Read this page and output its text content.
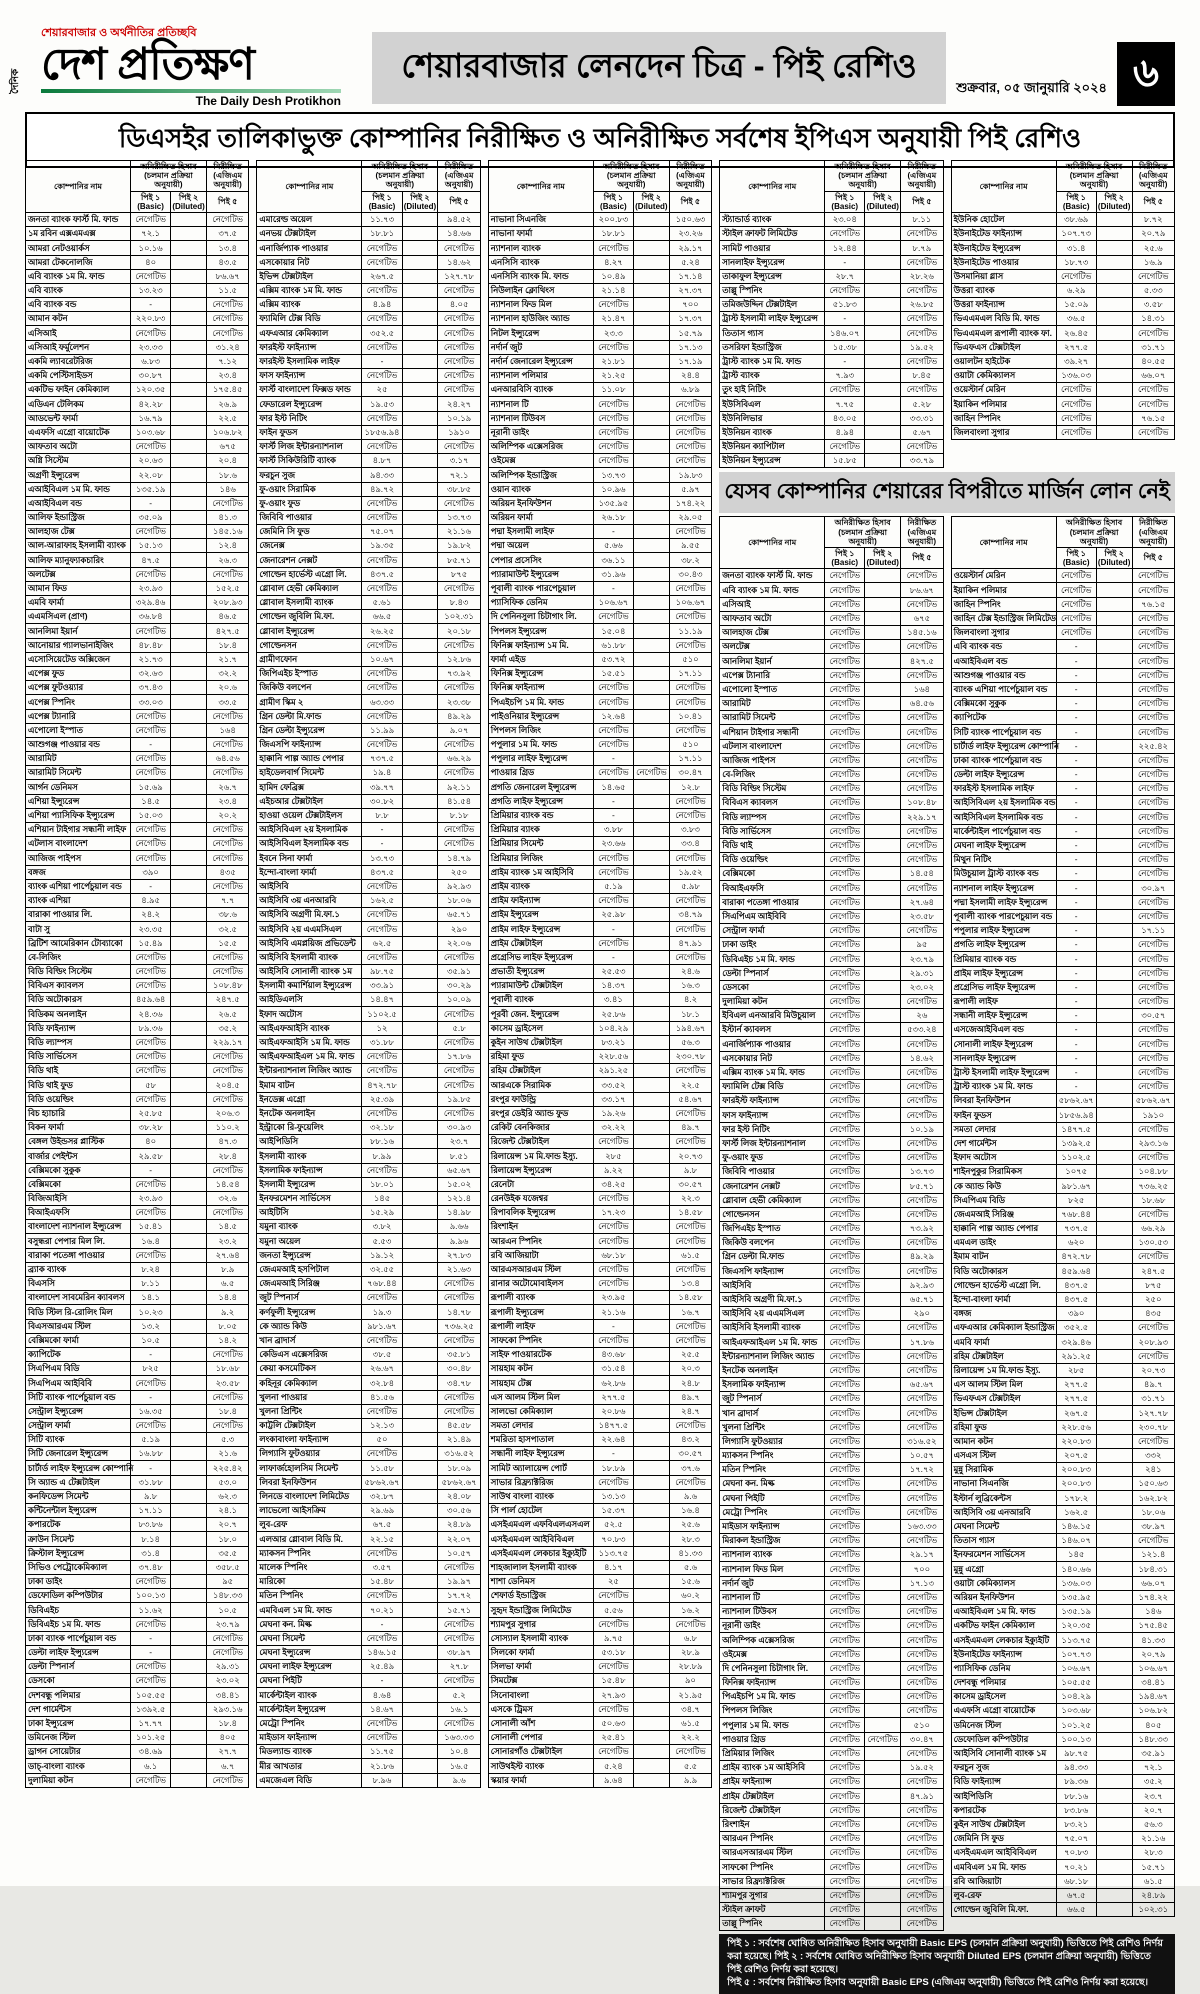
দৈনিক
শেয়ারবাজার ও অর্থনীতির প্রতিচ্ছবি
দেশ প্রতিক্ষণ
The Daily Desh Protikhon
শেয়ারবাজার লেনদেন চিত্র - পিই রেশিও
শুক্রবার, ০৫ জানুয়ারি ২০২৪ ৬
ডিএসইর তালিকাভুক্ত কোম্পানির নিরীক্ষিত ও অনিরীক্ষিত সর্বশেষ ইপিএস অনুযায়ী পিই রেশিও
কোম্পানির নাম	অনিরীক্ষিত হিসাব (চলমান প্রক্রিয়া অনুযায়ী)		নিরীক্ষিত (এজিএম অনুযায়ী)
	পিই ১ (Basic)	পিই ২ (Diluted)	পিই ৫
জনতা ব্যাংক ফার্স্ট মি. ফান্ড	নেগেটিভ		নেগেটিভ
১ম রবিন এক্সএমএক্স	৭২.১		৩৭.৫
আমরা নেটওয়ার্কস	১০.১৬		১৩.৪
আমরা টেকনোলজি	৪০		৪৩.৫
এবি ব্যাংক ১ম মি. ফান্ড	নেগেটিভ		৮৬.৬৭
এবি ব্যাংক	১৩.২৩		১১.৫
এবি ব্যাংক বন্ড	-		নেগেটিভ
আমান কটন	২২০.৮৩		নেগেটিভ
এসিআই	নেগেটিভ		নেগেটিভ
এসিআই ফর্মুলেশন	২৩.৩৩		৩১.২৪
একমি ল্যাবরেটরিজ	৬.৮৩		৭.১২
একমি পেস্টিসাইডস	৩০.৮৭		২৩.৪
একটিভ ফাইন কেমিক্যাল	১২০.৩৫		১৭৫.৪৫
এডিএন টেলিকম	৪২.২৮		২৬.৯
আডভেন্ট ফার্মা	১৬.৭৯		২২.৫
এএফসি এগ্রো বায়োটেক	১০৩.৬৮		১০৬.৮২
আফতাব অটো	নেগেটিভ		৬৭৫
অগ্নি সিস্টেম	২০.৬৩		২০.৪
অগ্রণী ইন্স্যুরেন্স	২২.০৮		১৮.৬
এআইবিএল ১ম মি. ফান্ড	১৩৫.১৯		১৪৬
এআইবিএল বন্ড	-		নেগেটিভ
আলিফ ইন্ডাস্ট্রিজ	৩৫.০৯		৪১.৩
আলহাজ টেক্স	নেগেটিভ		১৪৫.১৬
আল-আরাফাহ ইসলামী ব্যাংক	১৫.১৩		১২.৪
আলিফ ম্যানুফ্যাকচারিং	৪৭.৫		২৬.৩
অলটেক্স	নেগেটিভ		নেগেটিভ
আমান ফিড	২৩.৯৩		১৫২.৫
এমবি ফার্মা	৩২৯.৪৬		২০৮.৯৩
এএমসিএল (প্রাণ)	৩৬.৮৪		৪৬.৫
আনলিমা ইয়ার্ন	নেগেটিভ		৪২৭.৫
আনোয়ার গ্যালভানাইজিং	৪৮.৪৮		১৮.৪
এসোসিয়েটেড অক্সিজেন	২১.৭৩		২১.৭
এপেক্স ফুড	৩২.৬৩		৩২.২
এপেক্স ফুটওয়্যার	৩৭.৪৩		২০.৬
এপেক্স স্পিনিং	৩৩.০৩		৩৩.৫
এপেক্স ট্যানারি	নেগেটিভ		নেগেটিভ
এপোলো ইস্পাত	নেগেটিভ		১৬৪
আশুগঞ্জ পাওয়ার বন্ড	-		নেগেটিভ
আরামিট	নেগেটিভ		৬৪.৫৬
আরামিট সিমেন্ট	নেগেটিভ		নেগেটিভ
আর্গন ডেনিমস	১৫.৬৯		২৬.৭
এশিয়া ইন্স্যুরেন্স	১৪.৫		২৩.৪
এশিয়া প্যাসিফিক ইন্স্যুরেন্স	১৫.০৩		২০.২
এশিয়ান টাইগার সন্ধানী লাইফ	নেগেটিভ		নেগেটিভ
এটলাস বাংলাদেশ	নেগেটিভ		নেগেটিভ
আজিজ পাইপস	নেগেটিভ		নেগেটিভ
বঙ্গজ	৩৯০		৪৩৫
ব্যাংক এশিয়া পার্পেচুয়াল বন্ড	-		নেগেটিভ
ব্যাংক এশিয়া	৪.৯৫		৭.৭
বারাকা পাওয়ার লি.	২৪.২		৩৮.৬
বাটা সু	২৩.৩৫		৩২.৫
ব্রিটিশ আমেরিকান টোব্যাকো	১৫.৪৯		১৫.৫
বে-লিজিং	নেগেটিভ		নেগেটিভ
বিডি বিল্ডিং সিস্টেম	নেগেটিভ		নেগেটিভ
বিবিএস ক্যাবলস	নেগেটিভ		১০৮.৪৮
বিডি অটোকারস	৪৫৯.৬৪		২৪৭.৫
বিডিকম অনলাইন	২৪.৩৬		২৬.৫
বিডি ফাইন্যান্স	৮৯.৩৬		৩৫.২
বিডি ল্যাম্পস	নেগেটিভ		২২৯.১৭
বিডি সার্ভিসেস	নেগেটিভ		নেগেটিভ
বিডি থাই	নেগেটিভ		নেগেটিভ
বিডি থাই ফুড	৫৮		২০৪.৫
বিডি ওয়েল্ডিং	নেগেটিভ		নেগেটিভ
বিচ হ্যাচারি	২৫.৮৫		২০৬.৩
বিকন ফার্মা	৩৮.২৮		১১০.২
বেঙ্গল উইন্ডসর প্লাস্টিক	৪০		৪৭.৩
বার্জার পেইন্টস	২৯.৫৮		২৮.৪
বেক্সিমকো সুকুক	-		নেগেটিভ
বেক্সিমকো	নেগেটিভ		১৪.৫৪
বিজিআইসি	২৩.৯৩		৩২.৬
বিআইএফসি	নেগেটিভ		নেগেটিভ
বাংলাদেশ ন্যাশনাল ইন্স্যুরেন্স	১৫.৪১		১৪.৫
বসুন্ধরা পেপার মিল লি.	১৬.৪		২৩.২
বারাকা পতেঙ্গা পাওয়ার	নেগেটিভ		২৭.৬৪
ব্র্যাক ব্যাংক	৮.২৪		৮.৯
বিএসসি	৮.১১		৬.৫
বাংলাদেশ সাবমেরিন ক্যাবলস	১৪.১		১৪.৪
বিডি স্টিল রি-রোলিং মিল	১০.২৩		৯.২
বিএসআরএম স্টিল	১৩.২		৮.০৫
বেক্সিমকো ফার্মা	১০.৫		১৪.২
ক্যাপিটেক	-		নেগেটিভ
সিএপিএম বিডি	৮২৫		১৮.৬৮
সিএপিএম আইবিবি	নেগেটিভ		২৩.৫৮
সিটি ব্যাংক পার্পেচুয়াল বন্ড	-		নেগেটিভ
সেন্ট্রাল ইন্স্যুরেন্স	১৬.৩৫		১৮.৪
সেন্ট্রাল ফার্মা	নেগেটিভ		নেগেটিভ
সিটি ব্যাংক	৫.১৯		৫.৩
সিটি জেনারেল ইন্স্যুরেন্স	১৬.৮৮		২১.৬
চার্টার্ড লাইফ ইন্স্যুরেন্স কোম্পানি	-		২২৫.৪২
সি অ্যান্ড এ টেক্সটাইল	৩১.৮৮		৫৩.০
কনফিডেন্স সিমেন্ট	৯.৮		৬২.৩
কন্টিনেন্টাল ইন্স্যুরেন্স	১৭.১১		২৪.১
কপারটেক	৮৩.৮৬		২০.৭
ক্রাউন সিমেন্ট	৮.১৪		১৮.০
ক্রিস্টাল ইন্স্যুরেন্স	৩১.৪		৩৫.৫
সিভিও পেট্রোকেমিক্যাল	৩৭.৪৮		৩৫৮.৫
ঢাকা ডাইং	নেগেটিভ		৯৫
ডেফোডিল কম্পিউটার	১০০.১৩		১৪৮.৩৩
ডিবিএইচ	১১.৬২		১০.৫
ডিবিএইচ ১ম মি. ফান্ড	নেগেটিভ		২৩.৭৯
ঢাকা ব্যাংক পার্পেচুয়াল বন্ড	-		নেগেটিভ
ডেল্টা লাইফ ইন্স্যুরেন্স	-		নেগেটিভ
ডেল্টা স্পিনার্স	নেগেটিভ		২৯.৩১
ডেসকো	নেগেটিভ		২৩.০২
দেশবন্ধু পলিমার	১০৫.৫৫		৩৪.৪১
দেশ গার্মেন্টস	১৩৯২.৫		২৯৩.১৬
ঢাকা ইন্স্যুরেন্স	১৭.৭৭		১৮.৪
ডমিনেজ স্টিল	১০১.২৫		৪০৫
ড্রাগন সোয়েটার	৩৪.৬৯		২৭.৭
ডাচ্-বাংলা ব্যাংক	৬.১		৬.৭
দুলামিয়া কটন	নেগেটিভ		নেগেটিভ
কোম্পানির নাম	অনিরীক্ষিত হিসাব (চলমান প্রক্রিয়া অনুযায়ী)		নিরীক্ষিত (এজিএম অনুযায়ী)
	পিই ১ (Basic)	পিই ২ (Diluted)	পিই ৫
এমারেল্ড অয়েল	১১.৭৩		৯৪.৫২
এনভয় টেক্সটাইল	১৮.৮১		১৪.৬৬
এনার্জিপ্যাক পাওয়ার	নেগেটিভ		নেগেটিভ
এসকোয়ার নিট	নেগেটিভ		১৪.৬২
ইভিন্স টেক্সটাইল	২৬৭.৫		১২৭.৭৮
এক্সিম ব্যাংক ১ম মি. ফান্ড	নেগেটিভ		নেগেটিভ
এক্সিম ব্যাংক	৪.৯৪		৪.০৫
ফ্যামিলি টেক্স বিডি	নেগেটিভ		নেগেটিভ
এফএআর কেমিক্যাল	৩৫২.৫		নেগেটিভ
ফারইস্ট ফাইন্যান্স	নেগেটিভ		নেগেটিভ
ফারইস্ট ইসলামিক লাইফ	-		নেগেটিভ
ফাস ফাইন্যান্স	নেগেটিভ		নেগেটিভ
ফার্স্ট বাংলাদেশ ফিক্সড ফান্ড	২৫		নেগেটিভ
ফেডারেল ইন্স্যুরেন্স	১৯.৫৩		২৪.২৭
ফার ইস্ট নিটিং	নেগেটিভ		১০.১৯
ফাইন ফুডস	১৮৫৬.৯৪		১৯১০
ফার্স্ট লিজ ইন্টারন্যাশনাল	নেগেটিভ		নেগেটিভ
ফার্স্ট সিকিউরিটি ব্যাংক	৪.৮৭		৩.১৭
ফরচুন সুজ	৯৪.৩৩		৭২.১
ফু-ওয়াং সিরামিক	৪৯.৭২		৩৮.৮৫
ফু-ওয়াং ফুড	নেগেটিভ		নেগেটিভ
জিবিবি পাওয়ার	নেগেটিভ		১৩.৭৩
জেমিনি সি ফুড	৭৫.০৭		২১.১৬
জেনেক্স	১৯.৩৫		১৯.৮২
জেনারেশন নেক্সট	নেগেটিভ		৮৫.৭১
গোল্ডেন হার্ভেস্ট এগ্রো লি.	৪৩৭.৫		৮৭৫
গ্লোবাল হেভী কেমিক্যাল	নেগেটিভ		নেগেটিভ
গ্লোবাল ইসলামী ব্যাংক	৫.৬১		৮.৪৩
গোল্ডেন জুবিলি মি.ফা.	৬৬.৫		১০২.৩১
গ্লোবাল ইন্স্যুরেন্স	২৬.২৫		২০.১৮
গোল্ডেনসন	নেগেটিভ		নেগেটিভ
গ্রামীণফোন	১০.৬৭		১২.৮৬
জিপিএইচ ইস্পাত	নেগেটিভ		৭৩.৯২
জিকিউ বলপেন	নেগেটিভ		নেগেটিভ
গ্রামীণ স্কিম ২	৬৩.৩৩		২৩.৩৮
গ্রিন ডেল্টা মি.ফান্ড	নেগেটিভ		৪৯.২৯
গ্রিন ডেল্টা ইন্স্যুরেন্স	১১.৯৯		৯.০৭
জিএসপি ফাইন্যান্স	নেগেটিভ		নেগেটিভ
হাক্কানি পাল্প অ্যান্ড পেপার	৭৩৭.৫		৬৬.২৯
হাইডেলবার্গ সিমেন্ট	১৯.৪		নেগেটিভ
হামিদ ফেব্রিক্স	৩৯.৭৭		৯২.১১
এইচআর টেক্সটাইল	৩০.৮২		৪১.৫৪
হাওয়া ওয়েল টেক্সটাইলস	৮.৮		৮.১৮
আইসিবিএল ২য় ইসলামিক	-		নেগেটিভ
আইসিবিএল ইসলামিক বন্ড	-		নেগেটিভ
ইবনে সিনা ফার্মা	১৩.৭৩		১৪.৭৯
ইন্দো-বাংলা ফার্মা	৪৩৭.৫		২৫০
আইসিবি	নেগেটিভ		৯২.৯৩
আইসিবি ৩য় এনআরবি	১৬২.৫		১৮.০৬
আইসিবি অগ্রণী মি.ফা.১	নেগেটিভ		৬৫.৭১
আইসিবি ২য় এএমসিএল	নেগেটিভ		২৯০
আইসিবি এমপ্লয়িজ প্রভিডেন্ট	৬২.৫		২২.০৬
আইসিবি ইসলামী ব্যাংক	নেগেটিভ		নেগেটিভ
আইসিবি সোনালী ব্যাংক ১ম	৯৮.৭৫		৩৫.৯১
ইসলামী কমার্শিয়াল ইন্স্যুরেন্স	৩৩.৯১		৩০.২৯
আইডিএলসি	১৪.৪৭		১০.০৯
ইফাদ অটোস	১১০২.৫		নেগেটিভ
আইএফআইসি ব্যাংক	১২		৫.৮
আইএফআইসি ১ম মি. ফান্ড	৩১.৮৮		নেগেটিভ
আইএফআইএল ১ম মি. ফান্ড	নেগেটিভ		১৭.৮৬
ইন্টারন্যাশনাল লিজিং অ্যান্ড	নেগেটিভ		নেগেটিভ
ইমাম বাটন	৪৭২.৭৮		নেগেটিভ
ইনডেক্স এগ্রো	২৫.৩৯		১৯.৮৫
ইনটেক অনলাইন	নেগেটিভ		নেগেটিভ
ইন্ট্রাকো রি-ফুয়েলিং	৩২.১৮		৩০.৯৩
আইপিডিসি	৮৮.১৬		২৩.৭
ইসলামী ব্যাংক	৮.৯৯		৮.৫১
ইসলামিক ফাইন্যান্স	নেগেটিভ		৬৫.৬৭
ইসলামী ইন্স্যুরেন্স	১৮.০১		১৫.০২
ইনফরমেশন সার্ভিসেস	১৪৫		১২১.৪
আইটিসি	১৫.২৯		১৪.৯৮
যমুনা ব্যাংক	৩.৮২		৯.৬৬
যমুনা অয়েল	৫.৫৩		৯.৯৬
জনতা ইন্স্যুরেন্স	১৯.১২		২৭.৮৩
জেএমআই হসপিটাল	৩২.৫৫		২১.৬৩
জেএমআই সিরিঞ্জ	৭৬৮.৪৪		নেগেটিভ
জুট স্পিনার্স	নেগেটিভ		নেগেটিভ
কর্ণফুলী ইন্স্যুরেন্স	১৯.৩		১৪.৭৮
কে অ্যান্ড কিউ	৯৮১.৬৭		৭৩৬.২৫
খান ব্রাদার্স	নেগেটিভ		নেগেটিভ
কেডিএস এক্সেসরিজ	৩৮.৫		৩৫.৮১
কেয়া কসমেটিকস	২৬.৬৭		৩০.৪৮
কহিনূর কেমিক্যাল	৩২.৮৪		৩৪.৭৮
খুলনা পাওয়ার	৪১.৫৬		নেগেটিভ
খুলনা প্রিন্টিং	নেগেটিভ		নেগেটিভ
কাট্টলি টেক্সটাইল	১২.১৩		৪৫.৫৮
লংকাবাংলা ফাইন্যান্স	৫০		২১.৪৯
লিগ্যাসি ফুটওয়্যার	নেগেটিভ		৩১৬.৫২
লাফার্জহোলসিম সিমেন্ট	১১.৫৮		১৮.০৯
লিবরা ইনফিউশন	৫৮৬২.৬৭		৫৮৬২.৬৭
লিনডে বাংলাদেশ লিমিটেড	৩২.৮৭		২৪.০৮
লাভেলো আইসক্রিম	২৯.৬৯		৩০.৫৬
লুব-রেফ	৬৭.৫		২৪.৮৯
এলআর গ্লোবাল বিডি মি.	২২.১৫		২২.০৭
ম্যাকসন স্পিনিং	নেগেটিভ		১০.৫৭
মালেক স্পিনিং	৩.৫৭		নেগেটিভ
মারিকো	১৫.৪৮		১৯.৯৭
মতিন স্পিনিং	নেগেটিভ		১৭.৭২
এমবিএল ১ম মি. ফান্ড	৭০.২১		১৫.৭১
মেঘনা কন. মিল্ক	-		নেগেটিভ
মেঘনা সিমেন্ট	নেগেটিভ		নেগেটিভ
মেঘনা ইন্স্যুরেন্স	১৪৬.১৫		৩৮.৯৭
মেঘনা লাইফ ইন্স্যুরেন্স	২৫.৪৯		২৭.৮
মেঘনা পিইটি	-		নেগেটিভ
মার্কেন্টাইল ব্যাংক	৪.৬৪		৫.২
মার্কেন্টাইল ইন্স্যুরেন্স	১৪.৬৭		১৬.১
মেট্রো স্পিনিং	নেগেটিভ		নেগেটিভ
মাইডাস ফাইন্যান্স	নেগেটিভ		১৬৩.৩৩
মিডল্যান্ড ব্যাংক	১১.৭৫		১০.৪
মীর আখতার	২১.৮৬		১৬.৫
এমজেএল বিডি	৮.৯৬		৯.৬
কোম্পানির নাম	অনিরীক্ষিত হিসাব (চলমান প্রক্রিয়া অনুযায়ী)		নিরীক্ষিত (এজিএম অনুযায়ী)
	পিই ১ (Basic)	পিই ২ (Diluted)	পিই ৫
নাভানা সিএনজি	২০০.৮৩		১৫০.৬৩
নাভানা ফার্মা	১৮.৮১		২৩.২৬
ন্যাশনাল ব্যাংক	নেগেটিভ		২৯.১৭
এনসিসি ব্যাংক	৪.২৭		৫.২৪
এনসিসি ব্যাংক মি. ফান্ড	১০.৪৯		১৭.১৪
নিউলাইন ক্লোথিংস	২১.১৪		২৭.৩৭
ন্যাশনাল ফিড মিল	নেগেটিভ		৭০০
ন্যাশনাল হাউজিং অ্যান্ড	২১.৪৭		১৭.৩৭
নিটল ইন্স্যুরেন্স	২৩.৩		১৫.৭৯
নর্দার্ন জুট	নেগেটিভ		১৭.১৩
নর্দার্ন জেনারেল ইন্স্যুরেন্স	২১.৮১		১৭.১৯
ন্যাশনাল পলিমার	২১.২৫		২৪.৪
এনআরবিসি ব্যাংক	১১.০৮		৬.৮৯
ন্যাশনাল টি	নেগেটিভ		নেগেটিভ
ন্যাশনাল টিউবস	নেগেটিভ		নেগেটিভ
নূরানী ডাইং	নেগেটিভ		নেগেটিভ
অলিম্পিক এক্সেসরিজ	নেগেটিভ		নেগেটিভ
ওইমেক্স	নেগেটিভ		নেগেটিভ
অলিম্পিক ইন্ডাস্ট্রিজ	১৩.৭৩		১৯.৮৩
ওয়ান ব্যাংক	১০.৯৬		৫.৯৭
অরিয়ন ইনফিউশন	১৩৫.৯৫		১৭৪.২২
অরিয়ন ফার্মা	২৬.১৮		২৯.০৫
পদ্মা ইসলামী লাইফ	-		নেগেটিভ
পদ্মা অয়েল	৫.৬৬		৯.৫৫
পেপার প্রসেসিং	৩৬.১১		৩৮.২
প্যারামাউন্ট ইন্স্যুরেন্স	৩১.৯৬		৩০.৪৩
পূবালী ব্যাংক পারপেচুয়াল	-		নেগেটিভ
প্যাসিফিক ডেনিম	১০৬.৬৭		১০৬.৬৭
দি পেনিনসুলা চিটাগাং লি.	নেগেটিভ		নেগেটিভ
পিপলস ইন্স্যুরেন্স	১৫.০৪		১১.১৯
ফিনিক্স ফাইন্যান্স ১ম মি.	৬১.৮৮		নেগেটিভ
ফার্মা এইড	৫৩.৭২		৫১০
ফিনিক্স ইন্স্যুরেন্স	১৫.৫১		১৭.১১
ফিনিক্স ফাইন্যান্স	নেগেটিভ		নেগেটিভ
পিএইচপি ১ম মি. ফান্ড	নেগেটিভ		নেগেটিভ
পাইওনিয়ার ইন্স্যুরেন্স	১২.৬৪		১০.৪১
পিপলস লিজিং	নেগেটিভ		নেগেটিভ
পপুলার ১ম মি. ফান্ড	নেগেটিভ		৫১০
পপুলার লাইফ ইন্স্যুরেন্স	-		১৭.১১
পাওয়ার গ্রিড	নেগেটিভ	নেগেটিভ	৩০.৪৭
প্রগতি জেনারেল ইন্স্যুরেন্স	১৪.৬৫		১২.৮
প্রগতি লাইফ ইন্স্যুরেন্স	-		নেগেটিভ
প্রিমিয়ার ব্যাংক বন্ড	-		নেগেটিভ
প্রিমিয়ার ব্যাংক	৩.৮৮		৩.৮৩
প্রিমিয়ার সিমেন্ট	২৩.৬৬		৩৩.৪
প্রিমিয়ার লিজিং	নেগেটিভ		নেগেটিভ
প্রাইম ব্যাংক ১ম আইসিবি	নেগেটিভ		১৯.৫২
প্রাইম ব্যাংক	৫.১৯		৫.৯৮
প্রাইম ফাইন্যান্স	নেগেটিভ		নেগেটিভ
প্রাইম ইন্স্যুরেন্স	২৫.৯৮		৩৪.৭৯
প্রাইম লাইফ ইন্স্যুরেন্স	-		নেগেটিভ
প্রাইম টেক্সটাইল	নেগেটিভ		৪৭.৯১
প্রগ্রেসিভ লাইফ ইন্স্যুরেন্স	-		নেগেটিভ
প্রভাতী ইন্স্যুরেন্স	২৫.৫৩		২৪.৬
প্যারামাউন্ট টেক্সটাইল	১৪.৩৭		১৬.৩
পূবালী ব্যাংক	৩.৪১		৪.২
পূরবী জেন. ইন্স্যুরেন্স	২৫.৮৬		১৮.১
কাসেম ড্রাইসেল	১০৪.২৯		১৯৪.৬৭
কুইন সাউথ টেক্সটাইল	৮৩.২১		৫৬.৩
রহিমা ফুড	২২৮.৫৬		২৩০.৭৮
রহিম টেক্সটাইল	২৯১.২৫		নেগেটিভ
আরএকে সিরামিক	৩৩.৫২		২২.৫
রংপুর ফাউন্ড্রি	৩৩.১৭		৫৪.৬৭
রংপুর ডেইরি অ্যান্ড ফুড	১৯.২৬		নেগেটিভ
রেকিট বেনকিজার	৩২.২২		৪৯.৭
রিজেন্ট টেক্সটাইল	নেগেটিভ		নেগেটিভ
রিলায়েন্স ১ম মি.ফান্ড ইস্যু.	২৮৫		২০.৭৩
রিলায়েন্স ইন্স্যুরেন্স	৯.২২		৯.৮
রেনেটা	৩৪.২৫		৩০.৫৭
রেনউইক যজেশ্বর	নেগেটিভ		২২.৩
রিপাবলিক ইন্স্যুরেন্স	১৭.২৩		১৪.৫৮
রিংশাইন	নেগেটিভ		নেগেটিভ
আরএন স্পিনিং	নেগেটিভ		নেগেটিভ
রবি আজিয়াটা	৬৮.১৮		৬১.৫
আরএসআরএম স্টিল	নেগেটিভ		নেগেটিভ
রানার অটোমোবাইলস	নেগেটিভ		১৩.৪
রূপালী ব্যাংক	২৩.৯৫		১৪.৫৮
রূপালী ইন্স্যুরেন্স	২১.১৬		১৬.৭
রূপালী লাইফ	-		নেগেটিভ
সাফকো স্পিনিং	নেগেটিভ		নেগেটিভ
সাইফ পাওয়ারটেক	৪৩.৬৮		২৫.৫
সায়হাম কটন	৩১.৫৪		২০.৩
সায়হাম টেক্স	৬২.৮৬		২৪.৮
এস আলম স্টিল মিল	২৭৭.৫		৪৯.৭
সালভো কেমিক্যাল	২০.৮৬		২৪.৭
সমতা লেদার	১৪৭৭.৫		নেগেটিভ
শমরিতা হাসপাতাল	২২.৬৪		৪৩.২
সন্ধানী লাইফ ইন্স্যুরেন্স	-		৩০.৫৭
সামিট অ্যালায়েন্স পোর্ট	১৮.৮৯		৩৭.৬
সাভার রিফ্র্যাক্টরিজ	নেগেটিভ		নেগেটিভ
সাউথ বাংলা ব্যাংক	১৩.১৩		৯.৬
সি পার্ল হোটেল	১৫.৩৭		১৬.৪
এসইএমএল এফবিএলএসএল	৫২.৫		২৫.৬
এসইএমএল আইবিবিএল	৭০.৮৩		২৮.৩
এসইএমএল লেকচার ইক্যুইটি	১১৩.৭৫		৪১.৩৩
শাহজালাল ইসলামী ব্যাংক	৪.১৭		৫.৬
শাশা ডেনিমস	২৫		১৫.৬
শেফার্ড ইন্ডাস্ট্রিজ	নেগেটিভ		৬০.২
সুহৃদ ইন্ডাস্ট্রিজ লিমিটেড	৫.৫৬		১৬.২
শ্যামপুর সুগার	নেগেটিভ		নেগেটিভ
সোস্যাল ইসলামী ব্যাংক	৯.৭৫		৬.৮
সিলকো ফার্মা	৫৩.১৮		২৮.৯
সিলভা ফার্মা	নেগেটিভ		২৮.৮৯
সিমটেক্স	১৫.৪৮		৯০
সিনোবাংলা	২৭.৯৩		২১.৯৫
এসকে ট্রিমস	নেগেটিভ		৩৪.৭
সোনালী আঁশ	৫০.৬৩		৬১.৫
সোনালী পেপার	২৫.৪১		২২.২
সোনারগাঁও টেক্সটাইল	নেগেটিভ		নেগেটিভ
সাউথইস্ট ব্যাংক	৫.২৪		৫.৫
স্কয়ার ফার্মা	৯.৬৪		৯.৯
কোম্পানির নাম	অনিরীক্ষিত হিসাব (চলমান প্রক্রিয়া অনুযায়ী)		নিরীক্ষিত (এজিএম অনুযায়ী)
	পিই ১ (Basic)	পিই ২ (Diluted)	পিই ৫
স্ট্যান্ডার্ড ব্যাংক	২৩.০৪		৮.১১
স্টাইল ক্রাফট লিমিটেড	নেগেটিভ		নেগেটিভ
সামিট পাওয়ার	১২.৪৪		৮.৭৯
সানলাইফ ইন্স্যুরেন্স	-		নেগেটিভ
তাকাফুল ইন্স্যুরেন্স	২৮.৭		২৮.২৬
তাল্লু স্পিনিং	নেগেটিভ		নেগেটিভ
তমিজউদ্দিন টেক্সটাইল	৫১.৮৩		২৬.৮৫
ট্রাস্ট ইসলামী লাইফ ইন্স্যুরেন্স	-		নেগেটিভ
তিতাস গ্যাস	১৪৬.০৭		নেগেটিভ
তসরিফা ইন্ডাস্ট্রিজ	১৫.৩৮		১৯.৫২
ট্রাস্ট ব্যাংক ১ম মি. ফান্ড	-		নেগেটিভ
ট্রাস্ট ব্যাংক	৭.৯৩		৮.৪৫
তুং হাই নিটিং	নেগেটিভ		নেগেটিভ
ইউসিবিএল	৭.৭৫		৫.২৮
ইউনিলিভার	৪৩.০৫		৩৩.৩১
ইউনিয়ন ব্যাংক	৪.৯৪		৫.৬৭
ইউনিয়ন ক্যাপিটাল	নেগেটিভ		নেগেটিভ
ইউনিয়ন ইন্স্যুরেন্স	১৫.৮৫		৩৩.৭৯
কোম্পানির নাম	অনিরীক্ষিত হিসাব (চলমান প্রক্রিয়া অনুযায়ী)		নিরীক্ষিত (এজিএম অনুযায়ী)
	পিই ১ (Basic)	পিই ২ (Diluted)	পিই ৫
ইউনিক হোটেল	৩৮.৬৯		৮.৭২
ইউনাইটেড ফাইন্যান্স	১০৭.৭৩		২০.৭৯
ইউনাইটেড ইন্স্যুরেন্স	৩১.৪		২৫.৬
ইউনাইটেড পাওয়ার	১৮.৭৩		১৬.৯
উসমানিয়া গ্লাস	নেগেটিভ		নেগেটিভ
উত্তরা ব্যাংক	৬.২৯		৫.৩৩
উত্তরা ফাইন্যান্স	১৫.০৯		৩.৫৮
ভিএএমএল বিডি মি. ফান্ড	৩৬.৫		১৪.৩১
ভিএএমএল রূপালী ব্যাংক ফা.	২৬.৪৫		নেগেটিভ
ভিএফএস টেক্সটাইল	২৭৭.৫		৩১.৭১
ওয়ালটন হাইটেক	৩৯.২৭		৪০.৫৫
ওয়াটা কেমিক্যালস	১৩৬.০৩		৬৬.০৭
ওয়েস্টার্ন মেরিন	নেগেটিভ		নেগেটিভ
ইয়াকিন পলিমার	নেগেটিভ		নেগেটিভ
জাহিন স্পিনিং	নেগেটিভ		৭৬.১৫
জিলবাংলা সুগার	নেগেটিভ		নেগেটিভ
যেসব কোম্পানির শেয়ারের বিপরীতে মার্জিন লোন নেই
কোম্পানির নাম	অনিরীক্ষিত হিসাব (চলমান প্রক্রিয়া অনুযায়ী)		নিরীক্ষিত (এজিএম অনুযায়ী)
	পিই ১ (Basic)	পিই ২ (Diluted)	পিই ৫
জনতা ব্যাংক ফার্স্ট মি. ফান্ড	নেগেটিভ		নেগেটিভ
এবি ব্যাংক ১ম মি. ফান্ড	নেগেটিভ		৮৬.৬৭
এসিআই	নেগেটিভ		নেগেটিভ
আফতাব অটো	নেগেটিভ		৬৭৫
আলহাজ টেক্স	নেগেটিভ		১৪৫.১৬
অলটেক্স	নেগেটিভ		নেগেটিভ
আনলিমা ইয়ার্ন	নেগেটিভ		৪২৭.৫
এপেক্স ট্যানারি	নেগেটিভ		নেগেটিভ
এপোলো ইস্পাত	নেগেটিভ		১৬৪
আরামিট	নেগেটিভ		৬৪.৫৬
আরামিট সিমেন্ট	নেগেটিভ		নেগেটিভ
এশিয়ান টাইগার সন্ধানী	নেগেটিভ		নেগেটিভ
এটলাস বাংলাদেশ	নেগেটিভ		নেগেটিভ
আজিজ পাইপস	নেগেটিভ		নেগেটিভ
বে-লিজিং	নেগেটিভ		নেগেটিভ
বিডি বিল্ডিং সিস্টেম	নেগেটিভ		নেগেটিভ
বিবিএস ক্যাবলস	নেগেটিভ		১০৮.৪৮
বিডি ল্যাম্পস	নেগেটিভ		২২৯.১৭
বিডি সার্ভিসেস	নেগেটিভ		নেগেটিভ
বিডি থাই	নেগেটিভ		নেগেটিভ
বিডি ওয়েল্ডিং	নেগেটিভ		নেগেটিভ
বেক্সিমকো	নেগেটিভ		১৪.৫৪
বিআইএফসি	নেগেটিভ		নেগেটিভ
বারাকা পতেঙ্গা পাওয়ার	নেগেটিভ		২৭.৬৪
সিএপিএম আইবিবি	নেগেটিভ		২৩.৫৮
সেন্ট্রাল ফার্মা	নেগেটিভ		নেগেটিভ
ঢাকা ডাইং	নেগেটিভ		৯৫
ডিবিএইচ ১ম মি. ফান্ড	নেগেটিভ		২৩.৭৯
ডেল্টা স্পিনার্স	নেগেটিভ		২৯.৩১
ডেসকো	নেগেটিভ		২৩.০২
দুলামিয়া কটন	নেগেটিভ		নেগেটিভ
ইবিএল এনআরবি মিউচুয়াল	নেগেটিভ		২৬
ইস্টার্ন ক্যাবলস	নেগেটিভ		৫৩৩.২৪
এনার্জিপ্যাক পাওয়ার	নেগেটিভ		নেগেটিভ
এসকোয়ার নিট	নেগেটিভ		১৪.৬২
এক্সিম ব্যাংক ১ম মি. ফান্ড	নেগেটিভ		নেগেটিভ
ফ্যামিলি টেক্স বিডি	নেগেটিভ		নেগেটিভ
ফারইস্ট ফাইন্যান্স	নেগেটিভ		নেগেটিভ
ফাস ফাইন্যান্স	নেগেটিভ		নেগেটিভ
ফার ইস্ট নিটিং	নেগেটিভ		১০.১৯
ফার্স্ট লিজ ইন্টারন্যাশনাল	নেগেটিভ		নেগেটিভ
ফু-ওয়াং ফুড	নেগেটিভ		নেগেটিভ
জিবিবি পাওয়ার	নেগেটিভ		১৩.৭৩
জেনারেশন নেক্সট	নেগেটিভ		৮৫.৭১
গ্লোবাল হেভী কেমিক্যাল	নেগেটিভ		নেগেটিভ
গোল্ডেনসন	নেগেটিভ		নেগেটিভ
জিপিএইচ ইস্পাত	নেগেটিভ		৭৩.৯২
জিকিউ বলপেন	নেগেটিভ		নেগেটিভ
গ্রিন ডেল্টা মি.ফান্ড	নেগেটিভ		৪৯.২৯
জিএসপি ফাইন্যান্স	নেগেটিভ		নেগেটিভ
আইসিবি	নেগেটিভ		৯২.৯৩
আইসিবি অগ্রণী মি.ফা.১	নেগেটিভ		৬৫.৭১
আইসিবি ২য় এএমসিএল	নেগেটিভ		২৯০
আইসিবি ইসলামী ব্যাংক	নেগেটিভ		নেগেটিভ
আইএফআইএল ১ম মি. ফান্ড	নেগেটিভ		১৭.৮৬
ইন্টারন্যাশনাল লিজিং অ্যান্ড	নেগেটিভ		নেগেটিভ
ইনটেক অনলাইন	নেগেটিভ		নেগেটিভ
ইসলামিক ফাইন্যান্স	নেগেটিভ		৬৫.৬৭
জুট স্পিনার্স	নেগেটিভ		নেগেটিভ
খান ব্রাদার্স	নেগেটিভ		নেগেটিভ
খুলনা প্রিন্টিং	নেগেটিভ		নেগেটিভ
লিগ্যাসি ফুটওয়্যার	নেগেটিভ		৩১৬.৫২
ম্যাকসন স্পিনিং	নেগেটিভ		১০.৫৭
মতিন স্পিনিং	নেগেটিভ		১৭.৭২
মেঘনা কন. মিল্ক	নেগেটিভ		নেগেটিভ
মেঘনা পিইটি	নেগেটিভ		নেগেটিভ
মেট্রো স্পিনিং	নেগেটিভ		নেগেটিভ
মাইডাস ফাইন্যান্স	নেগেটিভ		১৬৩.৩৩
মিরাকল ইন্ডাস্ট্রিজ	নেগেটিভ		নেগেটিভ
ন্যাশনাল ব্যাংক	নেগেটিভ		২৯.১৭
ন্যাশনাল ফিড মিল	নেগেটিভ		৭০০
নর্দার্ন জুট	নেগেটিভ		১৭.১৩
ন্যাশনাল টি	নেগেটিভ		নেগেটিভ
ন্যাশনাল টিউবস	নেগেটিভ		নেগেটিভ
নূরানী ডাইং	নেগেটিভ		নেগেটিভ
অলিম্পিক এক্সেসরিজ	নেগেটিভ		নেগেটিভ
ওইমেক্স	নেগেটিভ		নেগেটিভ
দি পেনিনসুলা চিটাগাং লি.	নেগেটিভ		নেগেটিভ
ফিনিক্স ফাইন্যান্স	নেগেটিভ		নেগেটিভ
পিএইচপি ১ম মি. ফান্ড	নেগেটিভ		নেগেটিভ
পিপলস লিজিং	নেগেটিভ		নেগেটিভ
পপুলার ১ম মি. ফান্ড	নেগেটিভ		৫১০
পাওয়ার গ্রিড	নেগেটিভ	নেগেটিভ	৩০.৪৭
প্রিমিয়ার লিজিং	নেগেটিভ		নেগেটিভ
প্রাইম ব্যাংক ১ম আইসিবি	নেগেটিভ		১৯.৫২
প্রাইম ফাইন্যান্স	নেগেটিভ		নেগেটিভ
প্রাইম টেক্সটাইল	নেগেটিভ		৪৭.৯১
রিজেন্ট টেক্সটাইল	নেগেটিভ		নেগেটিভ
রিংশাইন	নেগেটিভ		নেগেটিভ
আরএন স্পিনিং	নেগেটিভ		নেগেটিভ
আরএসআরএম স্টিল	নেগেটিভ		নেগেটিভ
সাফকো স্পিনিং	নেগেটিভ		নেগেটিভ
সাভার রিফ্র্যাক্টরিজ	নেগেটিভ		নেগেটিভ
শ্যামপুর সুগার	নেগেটিভ		নেগেটিভ
স্টাইল ক্রাফট	নেগেটিভ		নেগেটিভ
তাল্লু স্পিনিং	নেগেটিভ		নেগেটিভ
কোম্পানির নাম	অনিরীক্ষিত হিসাব (চলমান প্রক্রিয়া অনুযায়ী)		নিরীক্ষিত (এজিএম অনুযায়ী)
	পিই ১ (Basic)	পিই ২ (Diluted)	পিই ৫
ওয়েস্টার্ন মেরিন	নেগেটিভ		নেগেটিভ
ইয়াকিন পলিমার	নেগেটিভ		নেগেটিভ
জাহিন স্পিনিং	নেগেটিভ		৭৬.১৫
জাহিন টেক্স ইন্ডাস্ট্রিজ লিমিটেড	নেগেটিভ		নেগেটিভ
জিলবাংলা সুগার	নেগেটিভ		নেগেটিভ
এবি ব্যাংক বন্ড	-		নেগেটিভ
এআইবিএল বন্ড	-		নেগেটিভ
আশুগঞ্জ পাওয়ার বন্ড	-		নেগেটিভ
ব্যাংক এশিয়া পার্পেচুয়াল বন্ড	-		নেগেটিভ
বেক্সিমকো সুকুক	-		নেগেটিভ
ক্যাপিটেক	-		নেগেটিভ
সিটি ব্যাংক পার্পেচুয়াল বন্ড	-		নেগেটিভ
চার্টার্ড লাইফ ইন্স্যুরেন্স কোম্পানি	-		২২৫.৪২
ঢাকা ব্যাংক পার্পেচুয়াল বন্ড	-		নেগেটিভ
ডেল্টা লাইফ ইন্স্যুরেন্স	-		নেগেটিভ
ফারইস্ট ইসলামিক লাইফ	-		নেগেটিভ
আইসিবিএল ২য় ইসলামিক বন্ড	-		নেগেটিভ
আইসিবিএল ইসলামিক বন্ড	-		নেগেটিভ
মার্কেন্টাইল পার্পেচুয়াল বন্ড	-		নেগেটিভ
মেঘনা লাইফ ইন্স্যুরেন্স	-		নেগেটিভ
মিথুন নিটিং	-		নেগেটিভ
মিউচুয়াল ট্রাস্ট ব্যাংক বন্ড	-		নেগেটিভ
ন্যাশনাল লাইফ ইন্স্যুরেন্স	-		৩০.৯৭
পদ্মা ইসলামী লাইফ ইন্স্যুরেন্স	-		নেগেটিভ
পূবালী ব্যাংক পারপেচুয়াল বন্ড	-		নেগেটিভ
পপুলার লাইফ ইন্স্যুরেন্স	-		১৭.১১
প্রগতি লাইফ ইন্স্যুরেন্স	-		নেগেটিভ
প্রিমিয়ার ব্যাংক বন্ড	-		নেগেটিভ
প্রাইম লাইফ ইন্স্যুরেন্স	-		নেগেটিভ
প্রগ্রেসিভ লাইফ ইন্স্যুরেন্স	-		নেগেটিভ
রূপালী লাইফ	-		নেগেটিভ
সন্ধানী লাইফ ইন্স্যুরেন্স	-		৩০.৫৭
এসজেআইবিএল বন্ড	-		নেগেটিভ
সোনালী লাইফ ইন্স্যুরেন্স	-		নেগেটিভ
সানলাইফ ইন্স্যুরেন্স	-		নেগেটিভ
ট্রাস্ট ইসলামী লাইফ ইন্স্যুরেন্স	-		নেগেটিভ
ট্রাস্ট ব্যাংক ১ম মি. ফান্ড	-		নেগেটিভ
লিবরা ইনফিউশন	৫৮৬২.৬৭		৫৮৬২.৬৭
ফাইন ফুডস	১৮৫৬.৯৪		১৯১০
সমতা লেদার	১৪৭৭.৫		নেগেটিভ
দেশ গার্মেন্টস	১৩৯২.৫		২৯৩.১৬
ইফাদ অটোস	১১০২.৫		নেগেটিভ
শাইনপুকুর সিরামিকস	১০৭৫		১০৪.৮৮
কে অ্যান্ড কিউ	৯৮১.৬৭		৭৩৬.২৫
সিএপিএম বিডি	৮২৫		১৮.৬৮
জেএমআই সিরিঞ্জ	৭৬৮.৪৪		নেগেটিভ
হাক্কানি পাল্প অ্যান্ড পেপার	৭৩৭.৫		৬৬.২৯
এমএল ডাইং	৬২০		১৩০.৫৩
ইমাম বাটন	৪৭২.৭৮		নেগেটিভ
বিডি অটোকারস	৪৫৯.৬৪		২৪৭.৫
গোল্ডেন হার্ভেস্ট এগ্রো লি.	৪৩৭.৫		৮৭৫
ইন্দো-বাংলা ফার্মা	৪৩৭.৫		২৫০
বঙ্গজ	৩৯০		৪৩৫
এফএআর কেমিক্যাল ইন্ডাস্ট্রিজ	৩৫২.৫		নেগেটিভ
এমবি ফার্মা	৩২৯.৪৬		২০৮.৯৩
রহিম টেক্সটাইল	২৯১.২৫		নেগেটিভ
রিলায়েন্স ১ম মি.ফান্ড ইস্যু.	২৮৫		২০.৭৩
এস আলম স্টিল মিল	২৭৭.৫		৪৯.৭
ভিএফএস টেক্সটাইল	২৭৭.৫		৩১.৭১
ইভিন্স টেক্সটাইল	২৬৭.৫		১২৭.৭৮
রহিমা ফুড	২২৮.৫৬		২৩০.৭৮
আমান কটন	২২০.৮৩		নেগেটিভ
এসএস স্টিল	২০৭.৫		৩৩২
মুন্নু সিরামিক	২০০.৮৩		২৪১
নাভানা সিএনজি	২০০.৮৩		১৫০.৬৩
ইস্টার্ন লুব্রিকেন্টস	১৭৮.২		১৬২.৮২
আইসিবি ৩য় এনআরবি	১৬২.৫		১৮.০৬
মেঘনা সিমেন্ট	১৪৬.১৫		৩৮.৯৭
তিতাস গ্যাস	১৪৬.০৭		নেগেটিভ
ইনফরমেশন সার্ভিসেস	১৪৫		১২১.৪
মুন্নু এগ্রো	১৪০.৬৬		১৮৪.৩১
ওয়াটা কেমিক্যালস	১৩৬.০৩		৬৬.০৭
অরিয়ন ইনফিউশন	১৩৫.৯৫		১৭৪.২২
এআইবিএল ১ম মি. ফান্ড	১৩৫.১৯		১৪৬
একটিভ ফাইন কেমিক্যাল	১২০.৩৫		১৭৫.৪৫
এসইএমএল লেকচার ইক্যুইটি	১১৩.৭৫		৪১.৩৩
ইউনাইটেড ফাইন্যান্স	১০৭.৭৩		২০.৭৯
প্যাসিফিক ডেনিম	১০৬.৬৭		১০৬.৬৭
দেশবন্ধু পলিমার	১০৫.৫৫		৩৪.৪১
কাসেম ড্রাইসেল	১০৪.২৯		১৯৪.৬৭
এএফসি এগ্রো বায়োটেক	১০৩.৬৮		১০৬.৮২
ডমিনেজ স্টিল	১০১.২৫		৪০৫
ডেফোডিল কম্পিউটার	১০০.১৩		১৪৮.৩৩
আইসিবি সোনালী ব্যাংক ১ম	৯৮.৭৫		৩৫.৯১
ফরচুন সুজ	৯৪.৩৩		৭২.১
বিডি ফাইন্যান্স	৮৯.৩৬		৩৫.২
আইপিডিসি	৮৮.১৬		২৩.৭
কপারটেক	৮৩.৮৬		২০.৭
কুইন সাউথ টেক্সটাইল	৮৩.২১		৫৬.৩
জেমিনি সি ফুড	৭৫.০৭		২১.১৬
এসইএমএল আইবিবিএল	৭০.৮৩		২৮.৩
এমবিএল ১ম মি. ফান্ড	৭০.২১		১৫.৭১
রবি আজিয়াটা	৬৮.১৮		৬১.৫
লুব-রেফ	৬৭.৫		২৪.৮৯
গোল্ডেন জুবিলি মি.ফা.	৬৬.৫		১০২.৩১
পিই ১ : সর্বশেষ ঘোষিত অনিরীক্ষিত হিসাব অনুযায়ী Basic EPS (চলমান প্রক্রিয়া অনুযায়ী) ভিত্তিতে পিই রেশিও নির্ণয় করা হয়েছে। পিই ২ : সর্বশেষ ঘোষিত অনিরীক্ষিত হিসাব অনুযায়ী Diluted EPS (চলমান প্রক্রিয়া অনুযায়ী) ভিত্তিতে পিই রেশিও নির্ণয় করা হয়েছে।
পিই ৫ : সর্বশেষ নিরীক্ষিত হিসাব অনুযায়ী Basic EPS (এজিএম অনুযায়ী) ভিত্তিতে পিই রেশিও নির্ণয় করা হয়েছে।
